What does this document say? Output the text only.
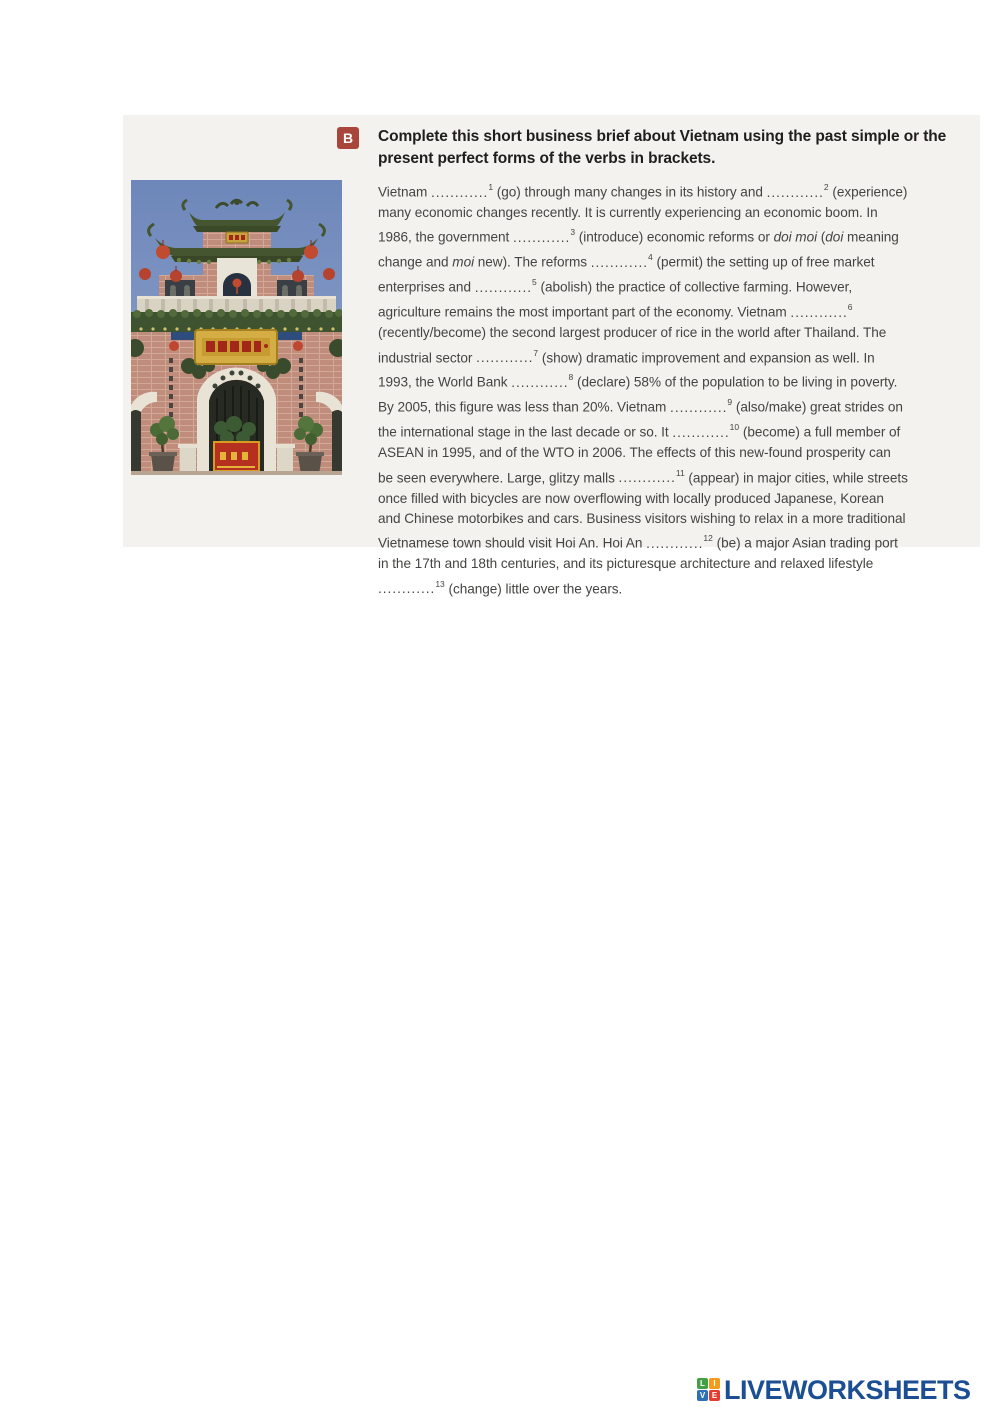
B	Complete this short business brief about Vietnam using the past simple or the present perfect forms of the verbs in brackets.
Vietnam ............$^1$ (go) through many changes in its history and ............$^2$ (experience)
many economic changes recently. It is currently experiencing an economic boom. In
1986, the government ............$^3$ (introduce) economic reforms or doi moi (doi meaning
change and moi new). The reforms ............$^4$ (permit) the setting up of free market
enterprises and ............$^5$ (abolish) the practice of collective farming. However,
agriculture remains the most important part of the economy. Vietnam ............$^6$
(recently/become) the second largest producer of rice in the world after Thailand. The
industrial sector ............$^7$ (show) dramatic improvement and expansion as well. In
1993, the World Bank ............$^8$ (declare) 58% of the population to be living in poverty.
By 2005, this figure was less than 20%. Vietnam ............$^9$ (also/make) great strides on
the international stage in the last decade or so. It ............$^{10}$ (become) a full member of
ASEAN in 1995, and of the WTO in 2006. The effects of this new-found prosperity can
be seen everywhere. Large, glitzy malls ............$^{11}$ (appear) in major cities, while streets
once filled with bicycles are now overflowing with locally produced Japanese, Korean
and Chinese motorbikes and cars. Business visitors wishing to relax in a more traditional
Vietnamese town should visit Hoi An. Hoi An ............$^{12}$ (be) a major Asian trading port
in the 17th and 18th centuries, and its picturesque architecture and relaxed lifestyle
............$^{13}$ (change) little over the years.
L	I
V E LIVEWORKSHEETS
